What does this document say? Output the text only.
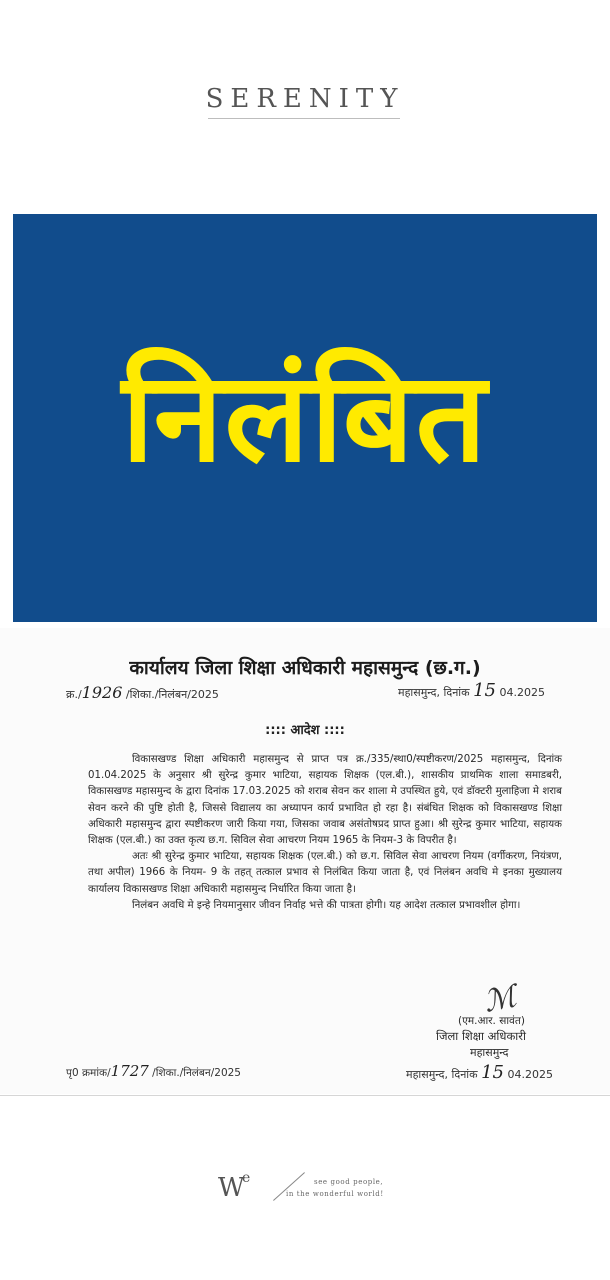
SERENITY
निलंबित
कार्यालय जिला शिक्षा अधिकारी महासमुन्द (छ.ग.)
क्र./1926 /शिका./निलंबन/2025	महासमुन्द, दिनांक 15 04.2025
:::: आदेश ::::

विकासखण्ड शिक्षा अधिकारी महासमुन्द से प्राप्त पत्र क्र./335/स्था0/स्पष्टीकरण/2025 महासमुन्द, दिनांक 01.04.2025 के अनुसार श्री सुरेन्द्र कुमार भाटिया, सहायक शिक्षक (एल.बी.), शासकीय प्राथमिक शाला समाडबरी, विकासखण्ड महासमुन्द के द्वारा दिनांक 17.03.2025 को शराब सेवन कर शाला मे उपस्थित हुये, एवं डॉक्टरी मुलाहिजा मे शराब सेवन करने की पुष्टि होती है, जिससे विद्यालय का अध्यापन कार्य प्रभावित हो रहा है। संबंधित शिक्षक को विकासखण्ड शिक्षा अधिकारी महासमुन्द द्वारा स्पष्टीकरण जारी किया गया, जिसका जवाब असंतोषप्रद प्राप्त हुआ। श्री सुरेन्द्र कुमार भाटिया, सहायक शिक्षक (एल.बी.) का उक्त कृत्य छ.ग. सिविल सेवा आचरण नियम 1965 के नियम-3 के विपरीत है।

अतः श्री सुरेन्द्र कुमार भाटिया, सहायक शिक्षक (एल.बी.) को छ.ग. सिविल सेवा आचरण नियम (वर्गीकरण, नियंत्रण, तथा अपील) 1966 के नियम- 9 के तहत् तत्काल प्रभाव से निलंबित किया जाता है, एवं निलंबन अवधि मे इनका मुख्यालय कार्यालय विकासखण्ड शिक्षा अधिकारी महासमुन्द निर्धारित किया जाता है।

निलंबन अवधि मे इन्हे नियमानुसार जीवन निर्वाह भत्ते की पात्रता होगी। यह आदेश तत्काल प्रभावशील होगा।

ℳ
(एम.आर. सावंत)
जिला शिक्षा अधिकारी
महासमुन्द
पृ0 क्रमांक/1727 /शिका./निलंबन/2025	महासमुन्द, दिनांक 15 04.2025
W
e	see good people,
in the wonderful world!
